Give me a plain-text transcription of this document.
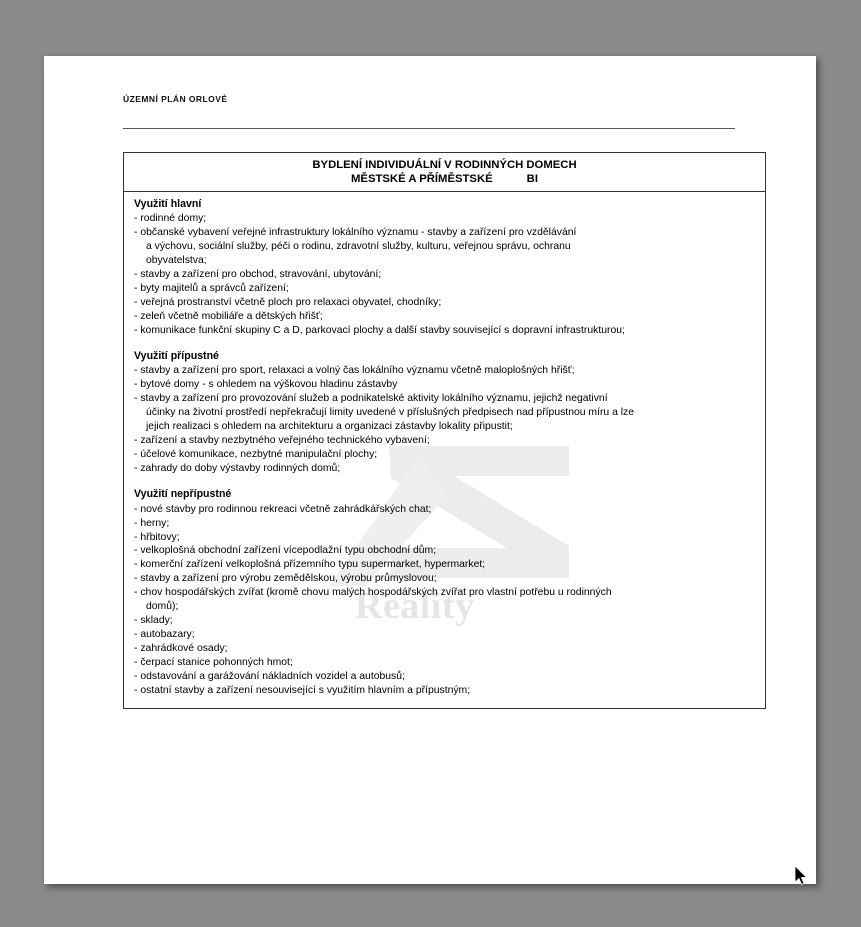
Reality
ÚZEMNÍ PLÁN ORLOVÉ
BYDLENÍ INDIVIDUÁLNÍ V RODINNÝCH DOMECH
MĚSTSKÉ A PŘÍMĚSTSKÉ	BI
Využití hlavní
- rodinné domy;
- občanské vybavení veřejné infrastruktury lokálního významu - stavby a zařízení pro vzdělávání
a výchovu, sociální služby, péči o rodinu, zdravotní služby, kulturu, veřejnou správu, ochranu
obyvatelstva;
- stavby a zařízení pro obchod, stravování, ubytování;
- byty majitelů a správců zařízení;
- veřejná prostranství včetně ploch pro relaxaci obyvatel, chodníky;
- zeleň včetně mobiliáře a dětských hřišť;
- komunikace funkční skupiny C a D, parkovací plochy a další stavby související s dopravní infrastrukturou;
Využití přípustné
- stavby a zařízení pro sport, relaxaci a volný čas lokálního významu včetně maloplošných hřišť;
- bytové domy - s ohledem na výškovou hladinu zástavby
- stavby a zařízení pro provozování služeb a podnikatelské aktivity lokálního významu, jejichž negativní
účinky na životní prostředí nepřekračují limity uvedené v příslušných předpisech nad přípustnou míru a lze
jejich realizaci s ohledem na architekturu a organizaci zástavby lokality připustit;
- zařízení a stavby nezbytného veřejného technického vybavení;
- účelové komunikace, nezbytné manipulační plochy;
- zahrady do doby výstavby rodinných domů;
Využití nepřípustné
- nové stavby pro rodinnou rekreaci včetně zahrádkářských chat;
- herny;
- hřbitovy;
- velkoplošná obchodní zařízení vícepodlažní typu obchodní dům;
- komerční zařízení velkoplošná přízemního typu supermarket, hypermarket;
- stavby a zařízení pro výrobu zemědělskou, výrobu průmyslovou;
- chov hospodářských zvířat (kromě chovu malých hospodářských zvířat pro vlastní potřebu u rodinných
domů);
- sklady;
- autobazary;
- zahrádkové osady;
- čerpací stanice pohonných hmot;
- odstavování a garážování nákladních vozidel a autobusů;
- ostatní stavby a zařízení nesouvisející s využitím hlavním a přípustným;
